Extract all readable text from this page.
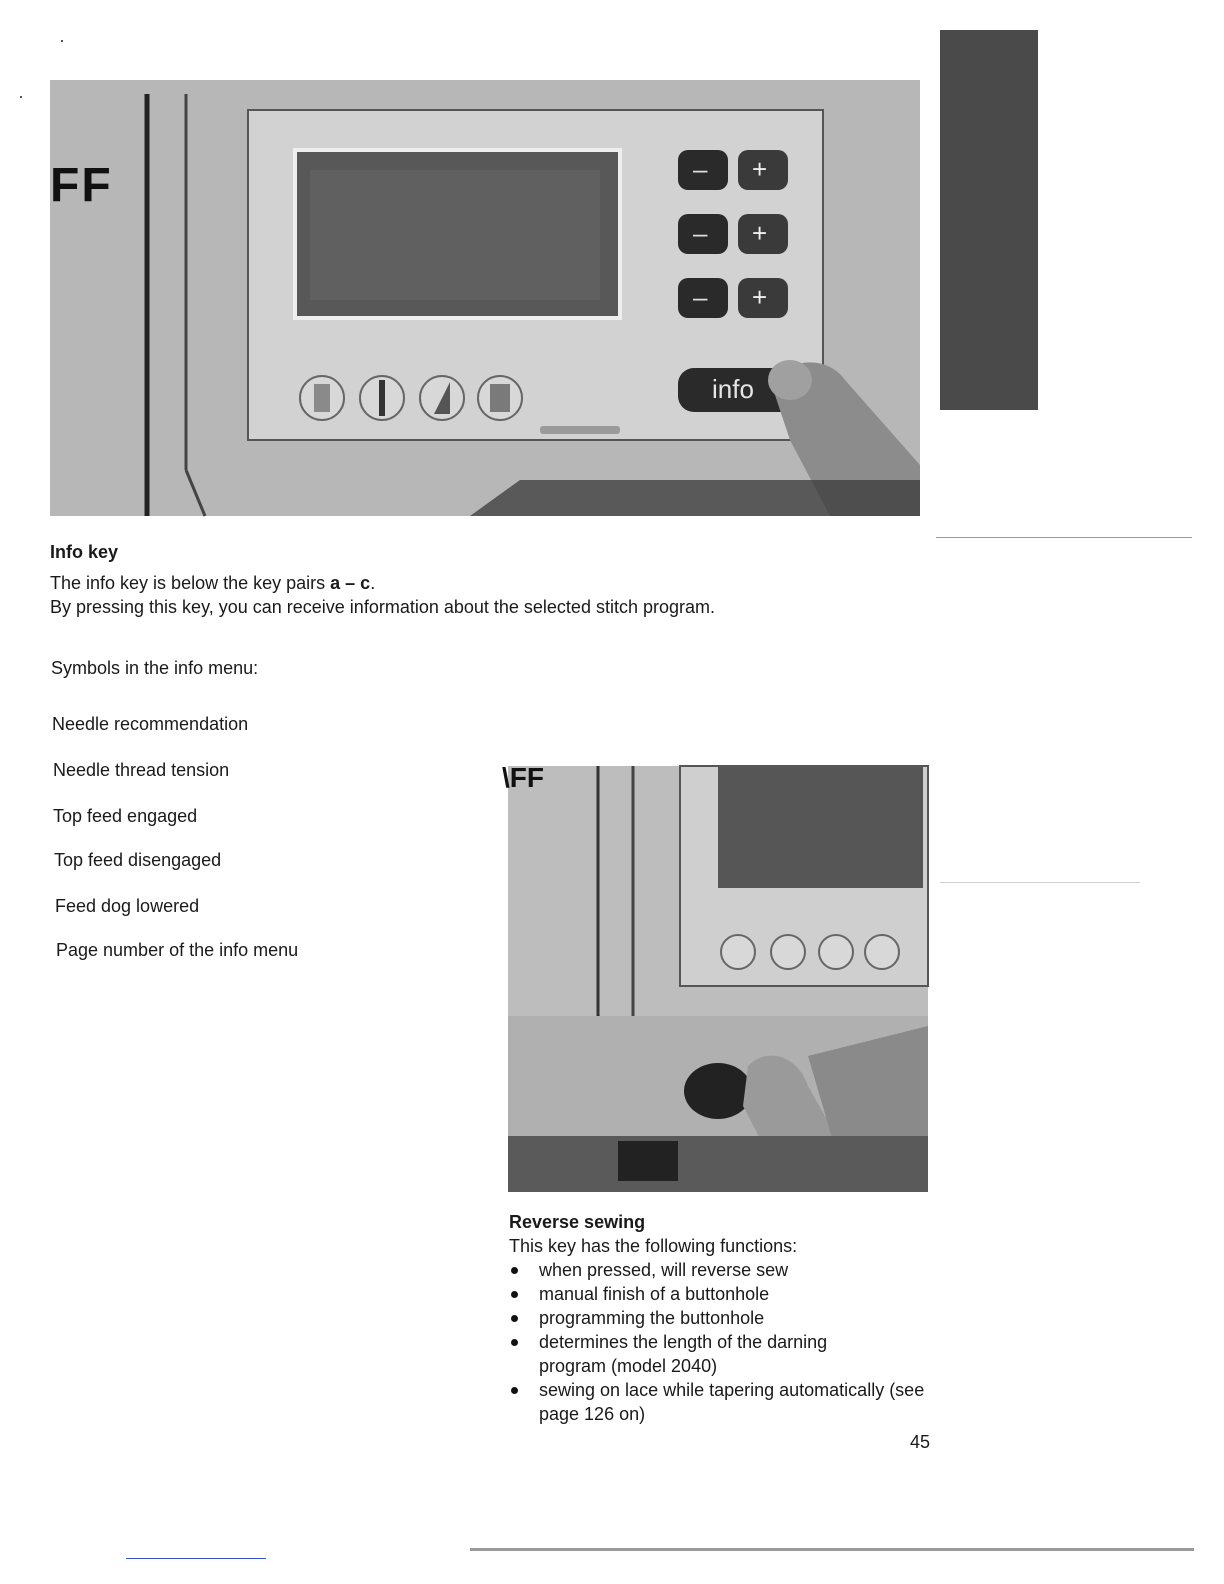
FF	– +
– +
– +
info
Info key
The info key is below the key pairs a – c.
By pressing this key, you can receive information about the selected stitch program.
Symbols in the info menu:
Needle recommendation
Needle thread tension
Top feed engaged
Top feed disengaged
Feed dog lowered
Page number of the info menu
\FF
Reverse sewing
This key has the following functions:
when pressed, will reverse sew
manual finish of a buttonhole
programming the buttonhole
determines the length of the darning program (model 2040)
sewing on lace while tapering automatically (see page 126 on)
45
